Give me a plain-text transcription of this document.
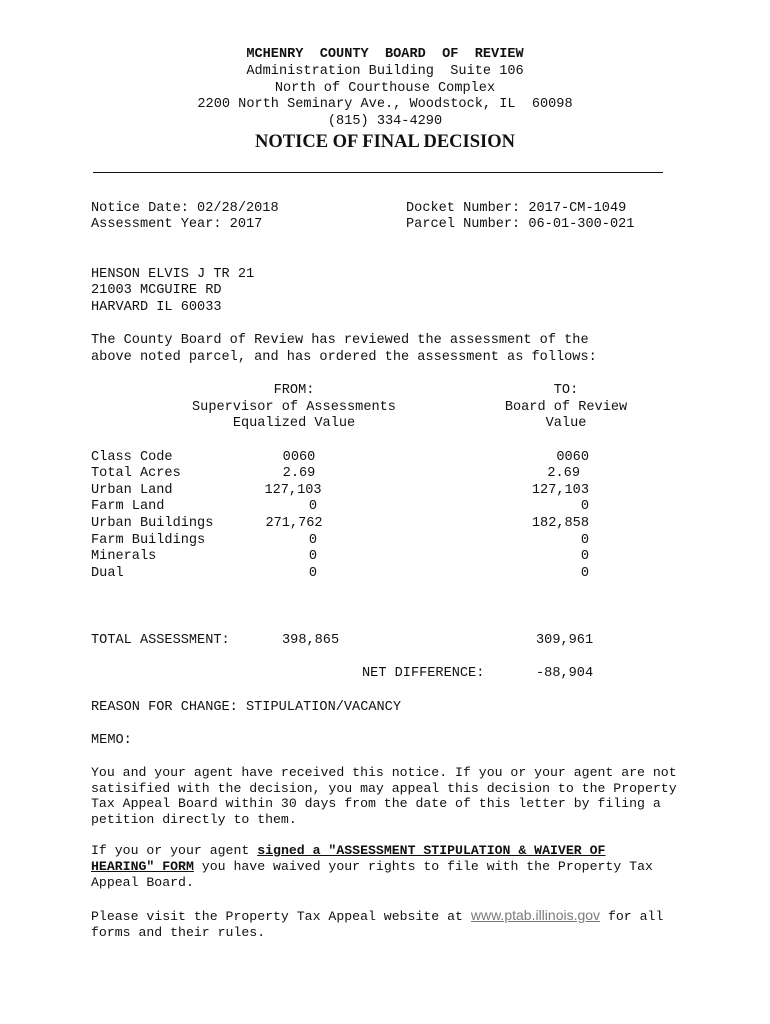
MCHENRY  COUNTY  BOARD  OF  REVIEW
Administration Building  Suite 106
North of Courthouse Complex
2200 North Seminary Ave., Woodstock, IL  60098
(815) 334-4290
NOTICE OF FINAL DECISION
Notice Date: 02/28/2018
Assessment Year: 2017
Docket Number: 2017-CM-1049
Parcel Number: 06-01-300-021
HENSON ELVIS J TR 21
21003 MCGUIRE RD
HARVARD IL 60033
The County Board of Review has reviewed the assessment of the
above noted parcel, and has ordered the assessment as follows:
FROM:
Supervisor of Assessments
Equalized Value
TO:
Board of Review
Value
Class Code	0060	0060
Total Acres	2.69	2.69
Urban Land	127,103	127,103
Farm Land	0	0
Urban Buildings	271,762	182,858
Farm Buildings	0	0
Minerals	0	0
Dual	0	0
TOTAL ASSESSMENT:	398,865	309,961
NET DIFFERENCE:	-88,904
REASON FOR CHANGE: STIPULATION/VACANCY
MEMO:
You and your agent have received this notice. If you or your agent are not satisified with the decision, you may appeal this decision to the Property Tax Appeal Board within 30 days from the date of this letter by filing a petition directly to them.
If you or your agent signed a "ASSESSMENT STIPULATION & WAIVER OF HEARING" FORM you have waived your rights to file with the Property Tax Appeal Board.
Please visit the Property Tax Appeal website at www.ptab.illinois.gov for all forms and their rules.
